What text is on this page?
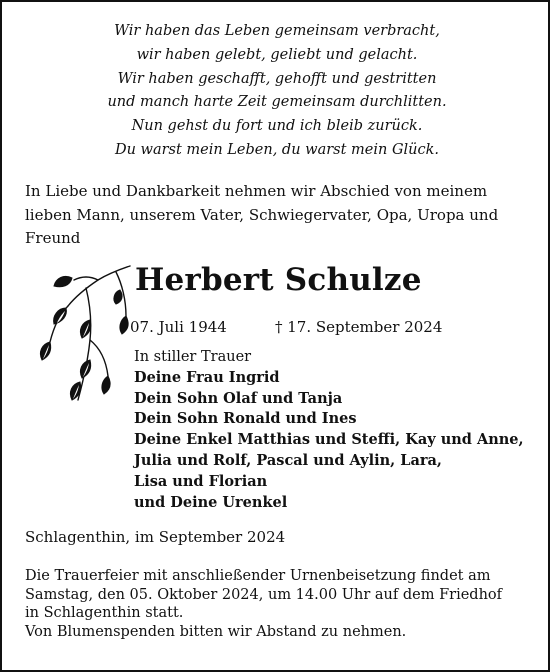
Wir haben das Leben gemeinsam verbracht,
wir haben gelebt, geliebt und gelacht.
Wir haben geschafft, gehofft und gestritten
und manch harte Zeit gemeinsam durchlitten.
Nun gehst du fort und ich bleib zurück.
Du warst mein Leben, du warst mein Glück.
In Liebe und Dankbarkeit nehmen wir Abschied von meinem
lieben Mann, unserem Vater, Schwiegervater, Opa, Uropa und
Freund
Herbert Schulze
07. Juli 1944	† 17. September 2024
In stiller Trauer
Deine Frau Ingrid
Dein Sohn Olaf und Tanja
Dein Sohn Ronald und Ines
Deine Enkel Matthias und Steffi, Kay und Anne,
Julia und Rolf, Pascal und Aylin, Lara,
Lisa und Florian
und Deine Urenkel
Schlagenthin, im September 2024
Die Trauerfeier mit anschließender Urnenbeisetzung findet am
Samstag, den 05. Oktober 2024, um 14.00 Uhr auf dem Friedhof
in Schlagenthin statt.
Von Blumenspenden bitten wir Abstand zu nehmen.
